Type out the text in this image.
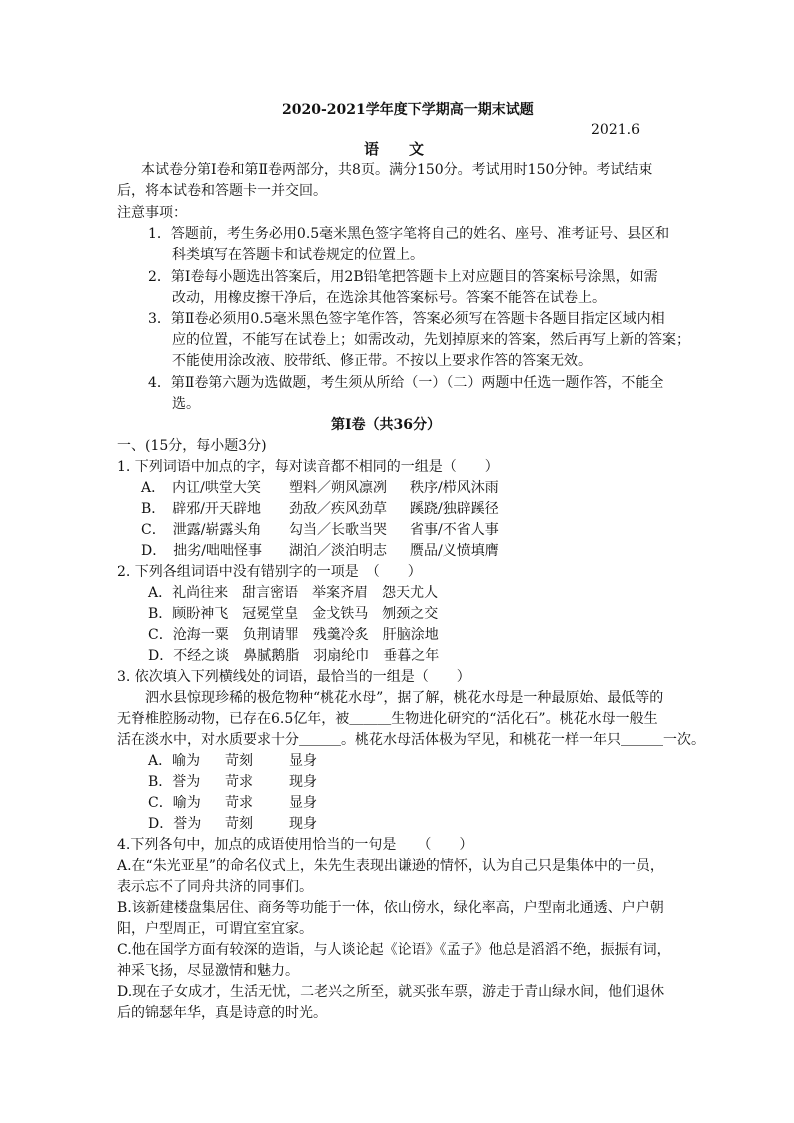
2020-2021学年度下学期高一期末试题
2021.6
语　　文
本试卷分第Ⅰ卷和第Ⅱ卷两部分，共8页。满分150分。考试用时150分钟。考试结束
后，将本试卷和答题卡一并交回。
注意事项：
1．答题前，考生务必用0.5毫米黑色签字笔将自己的姓名、座号、准考证号、县区和
科类填写在答题卡和试卷规定的位置上。
2．第Ⅰ卷每小题选出答案后，用2B铅笔把答题卡上对应题目的答案标号涂黑，如需
改动，用橡皮擦干净后，在选涂其他答案标号。答案不能答在试卷上。
3．第Ⅱ卷必须用0.5毫米黑色签字笔作答，答案必须写在答题卡各题目指定区域内相
应的位置，不能写在试卷上；如需改动，先划掉原来的答案，然后再写上新的答案；
不能使用涂改液、胶带纸、修正带。不按以上要求作答的答案无效。
4．第Ⅱ卷第六题为选做题，考生须从所给（一）（二）两题中任选一题作答，不能全
选。
第Ⅰ卷（共36分）
一、(15分，每小题3分)
1. 下列词语中加点的字，每对读音都不相同的一组是（　　）
A．　内讧/哄堂大笑 塑料／朔风凛冽 秩序/栉风沐雨
B．　辟邪/开天辟地 劲敌／疾风劲草 蹊跷/独辟蹊径
C．　泄露/崭露头角 勾当／长歌当哭 省事/不省人事
D．　拙劣/咄咄怪事 湖泊／淡泊明志 赝品/义愤填膺
2. 下列各组词语中没有错别字的一项是　（　　）
A．礼尚往来　甜言密语　举案齐眉　怨天尤人
B．顾盼神飞　冠冕堂皇　金戈铁马　刎颈之交
C．沧海一粟　负荆请罪　残羹冷炙　肝脑涂地
D．不经之谈　鼻腻鹅脂　羽扇纶巾　垂暮之年
3. 依次填入下列横线处的词语，最恰当的一组是（　　）
泗水县惊现珍稀的极危物种“桃花水母”，据了解，桃花水母是一种最原始、最低等的
无脊椎腔肠动物，已存在6.5亿年，被＿＿＿生物进化研究的“活化石”。桃花水母一般生
活在淡水中，对水质要求十分＿＿＿。桃花水母活体极为罕见，和桃花一样一年只＿＿＿一次。
A．喻为 苛刻	显身
B．誉为 苛求	现身
C．喻为 苛求	显身
D．誉为 苛刻	现身
4.下列各句中，加点的成语使用恰当的一句是　　（　　）
A.在“朱光亚星”的命名仪式上，朱先生表现出谦逊的情怀，认为自己只是集体中的一员，
表示忘不了同舟共济的同事们。
B.该新建楼盘集居住、商务等功能于一体，依山傍水，绿化率高，户型南北通透、户户朝
阳，户型周正，可谓宜室宜家。
C.他在国学方面有较深的造诣，与人谈论起《论语》《孟子》他总是滔滔不绝，振振有词，
神采飞扬，尽显激情和魅力。
D.现在子女成才，生活无忧，二老兴之所至，就买张车票，游走于青山绿水间，他们退休
后的锦瑟年华，真是诗意的时光。
